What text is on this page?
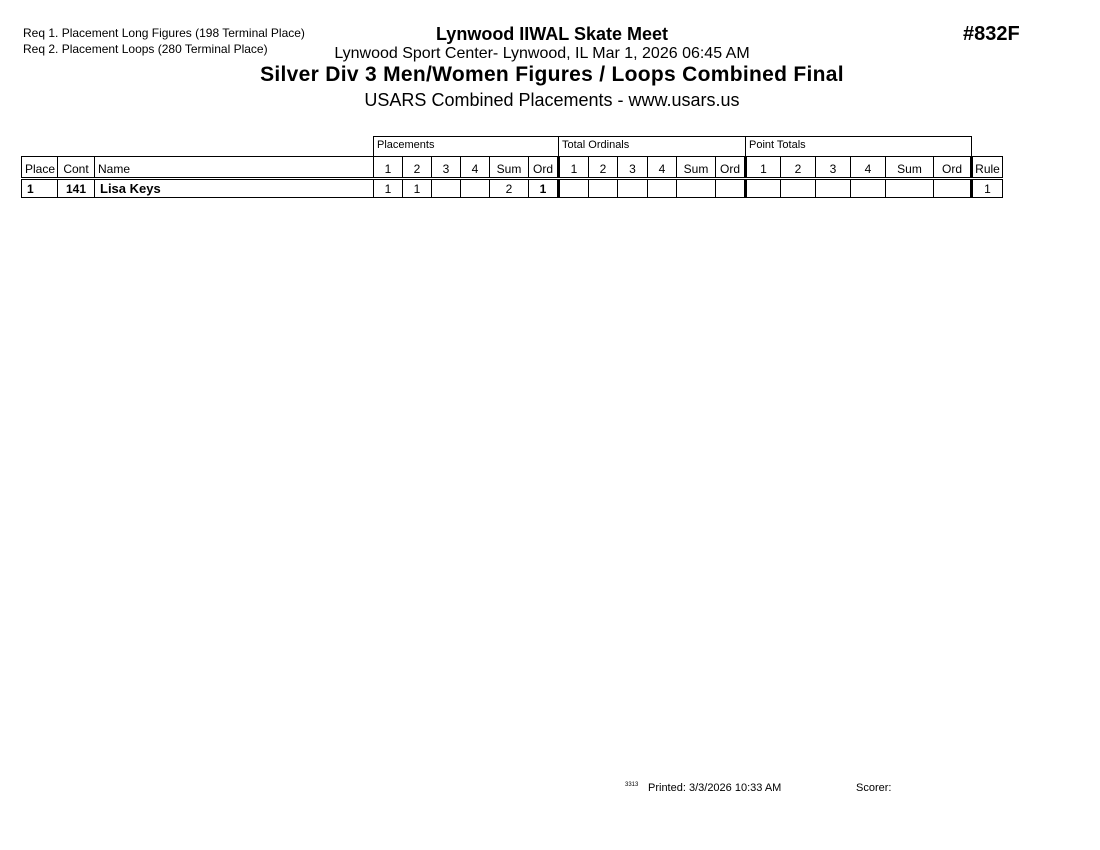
Req 1. Placement Long Figures (198 Terminal Place)
Req 2. Placement Loops (280 Terminal Place)
Lynwood IIWAL Skate Meet
Lynwood Sport Center- Lynwood, IL Mar 1, 2026 06:45 AM
Silver Div 3 Men/Women Figures / Loops Combined Final
USARS Combined Placements - www.usars.us
#832F
			Placements						Total Ordinals						Point Totals						
Place	Cont	Name	1	2	3	4	Sum	Ord	1	2	3	4	Sum	Ord	1	2	3	4	Sum	Ord	Rule
1	141	Lisa Keys	1	1			2	1													1
3313 Printed: 3/3/2026 10:33 AM	Scorer:
